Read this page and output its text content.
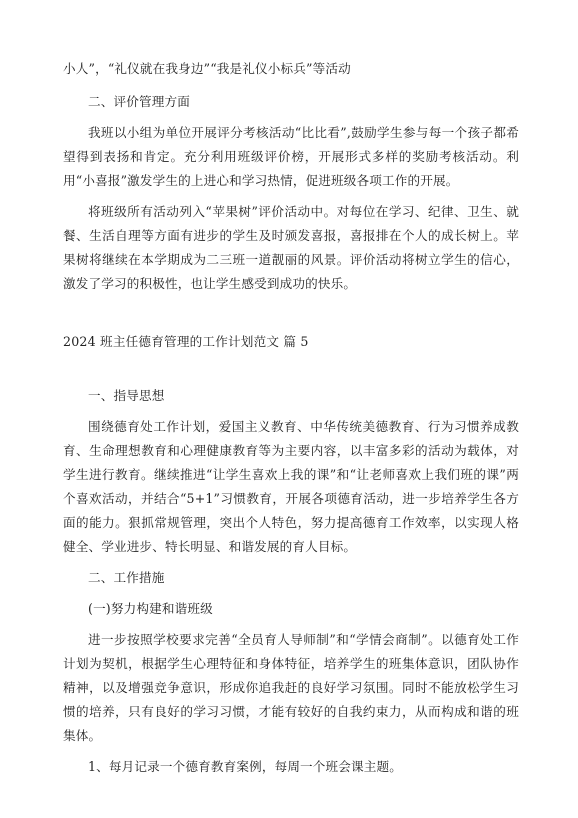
小人”，“礼仪就在我身边”“我是礼仪小标兵”等活动

二、评价管理方面

我班以小组为单位开展评分考核活动“比比看”,鼓励学生参与每一个孩子都希望得到表扬和肯定。充分利用班级评价榜，开展形式多样的奖励考核活动。利用“小喜报”激发学生的上进心和学习热情，促进班级各项工作的开展。

将班级所有活动列入“苹果树”评价活动中。对每位在学习、纪律、卫生、就餐、生活自理等方面有进步的学生及时颁发喜报，喜报排在个人的成长树上。苹果树将继续在本学期成为二三班一道靓丽的风景。评价活动将树立学生的信心，激发了学习的积极性，也让学生感受到成功的快乐。

2024 班主任德育管理的工作计划范文 篇 5

一、指导思想

围绕德育处工作计划，爱国主义教育、中华传统美德教育、行为习惯养成教育、生命理想教育和心理健康教育等为主要内容，以丰富多彩的活动为载体，对学生进行教育。继续推进“让学生喜欢上我的课”和“让老师喜欢上我们班的课”两个喜欢活动，并结合“5+1”习惯教育，开展各项德育活动，进一步培养学生各方面的能力。狠抓常规管理，突出个人特色，努力提高德育工作效率，以实现人格健全、学业进步、特长明显、和谐发展的育人目标。

二、工作措施

(一)努力构建和谐班级

进一步按照学校要求完善“全员育人导师制”和“学情会商制”。以德育处工作计划为契机，根据学生心理特征和身体特征，培养学生的班集体意识，团队协作精神，以及增强竞争意识，形成你追我赶的良好学习氛围。同时不能放松学生习惯的培养，只有良好的学习习惯，才能有较好的自我约束力，从而构成和谐的班集体。

1、每月记录一个德育教育案例，每周一个班会课主题。
